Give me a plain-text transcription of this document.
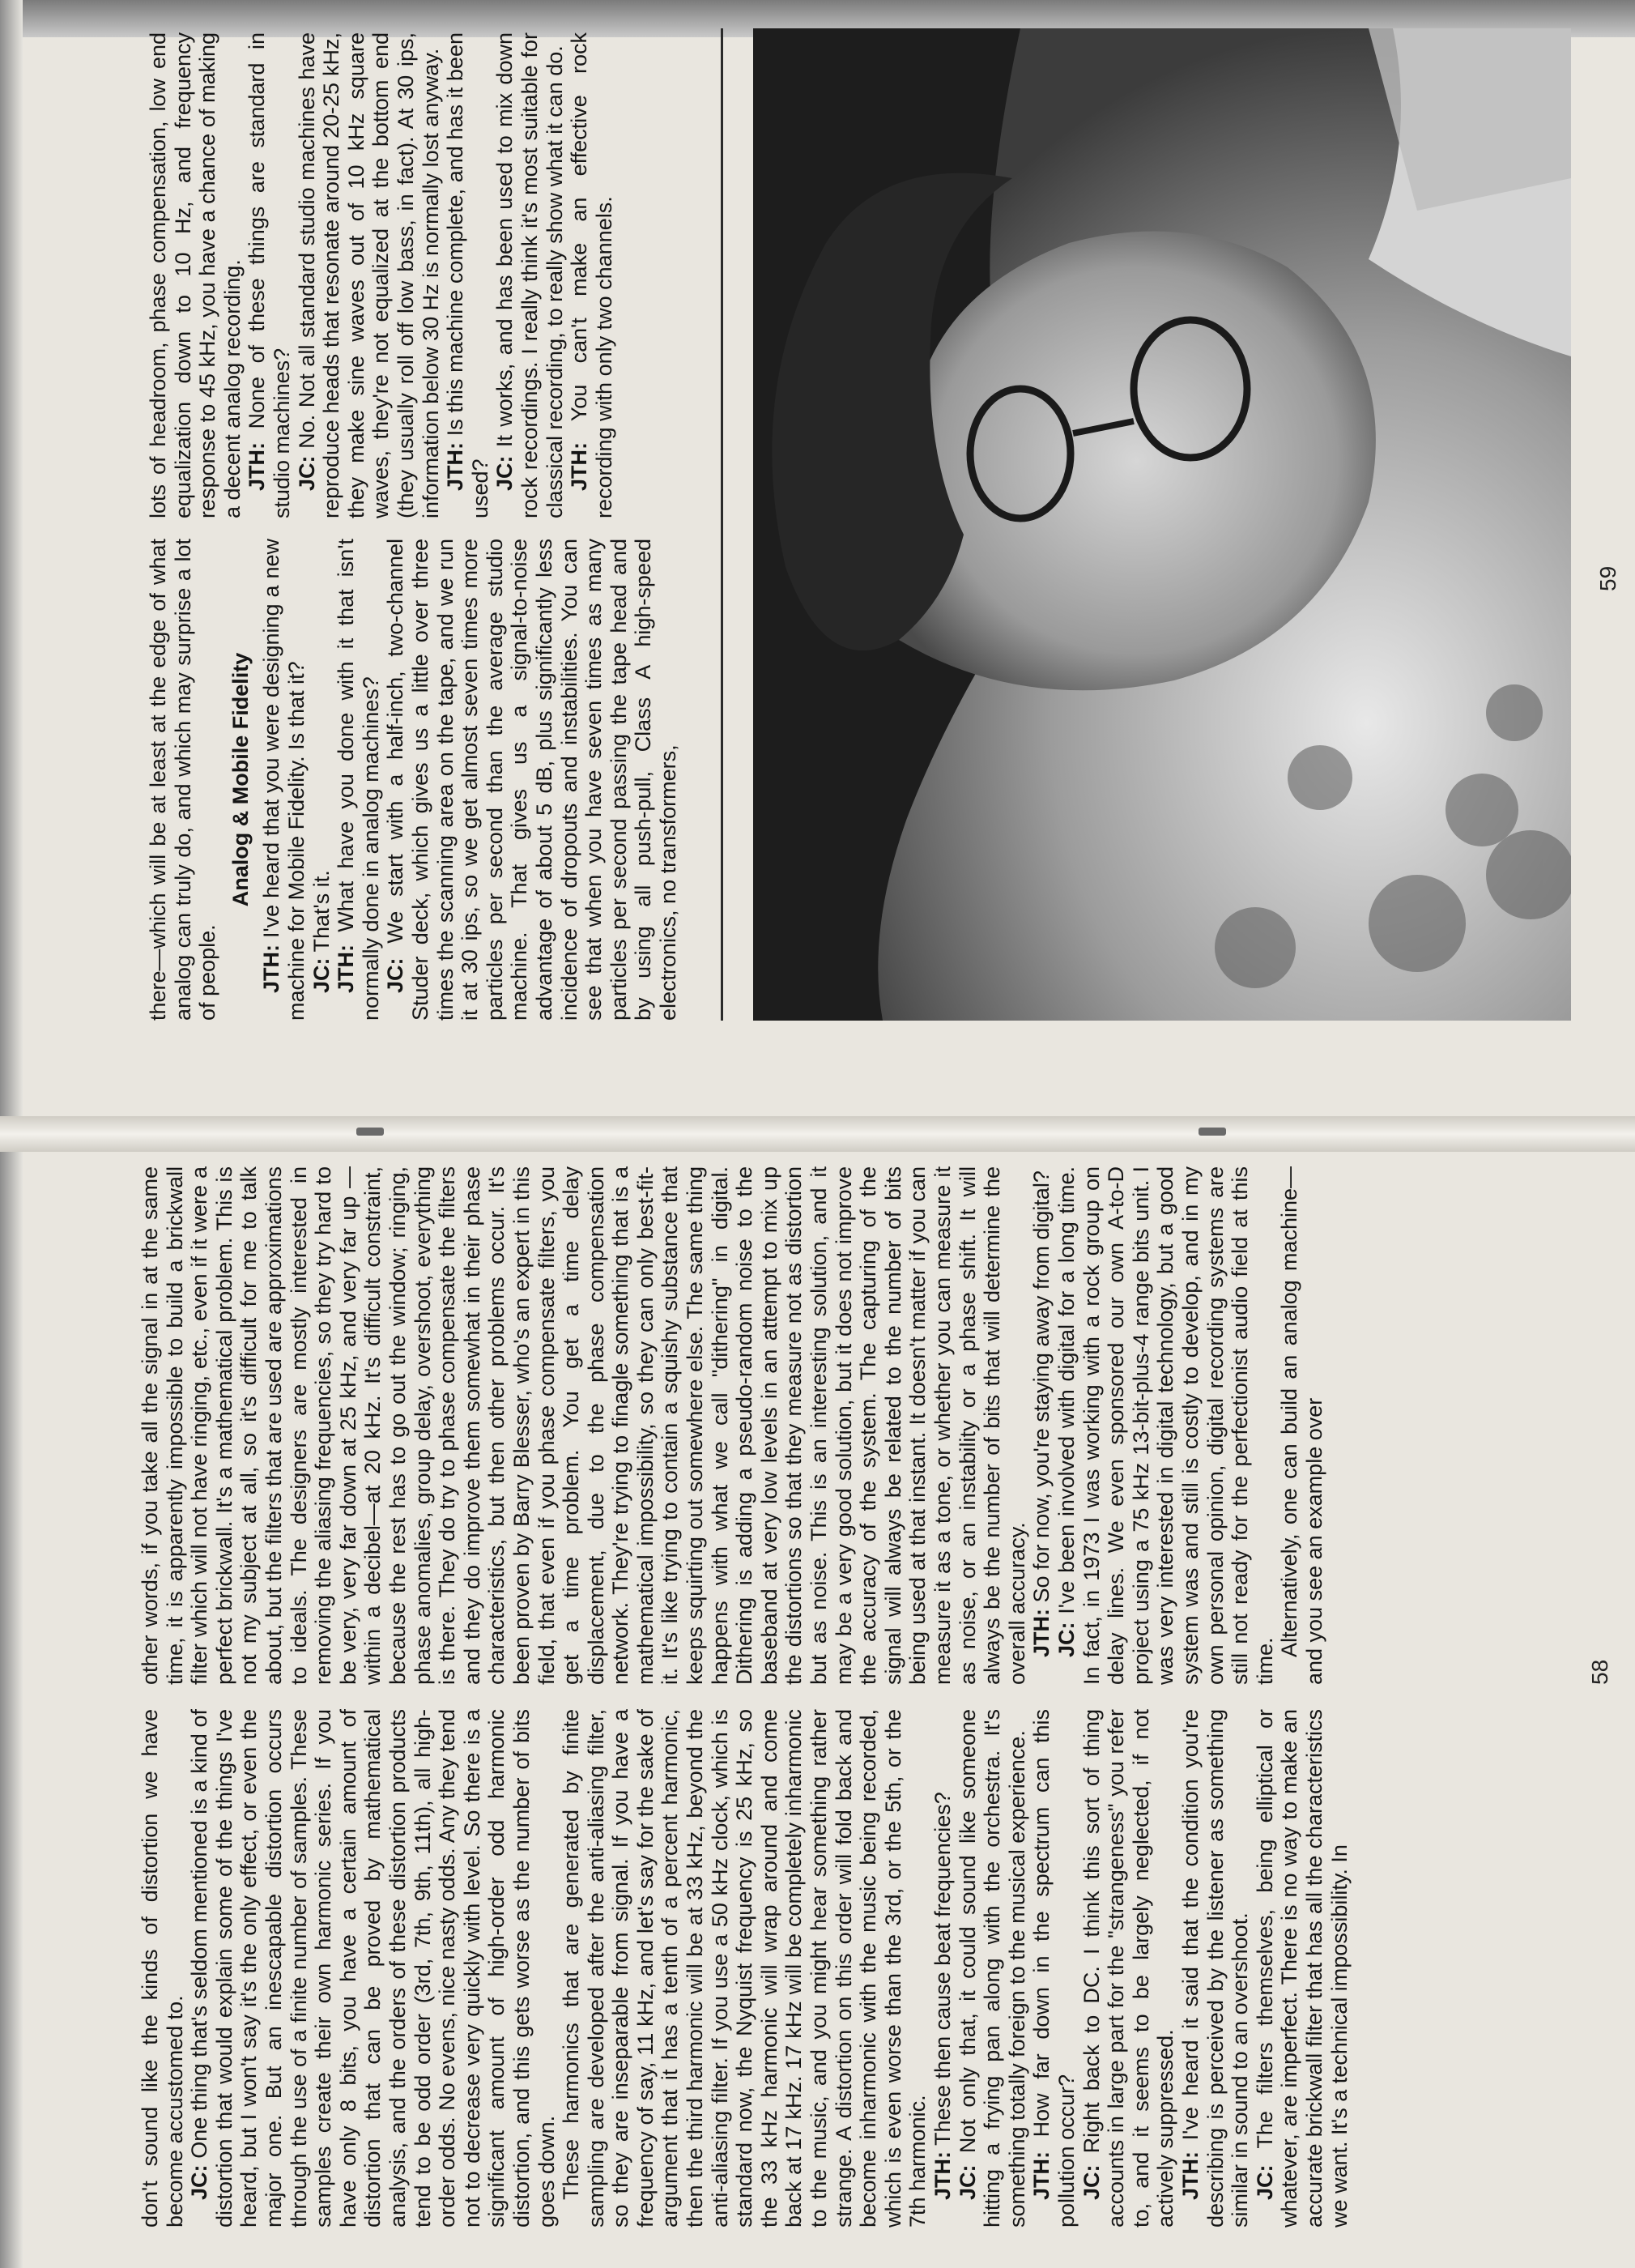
don't sound like the kinds of distortion we have become accustomed to. JC: One thing that's seldom mentioned is a kind of distortion that would explain some of the things I've heard, but I won't say it's the only effect, or even the major one. But an inescapable distortion occurs through the use of a finite number of samples. These samples create their own harmonic series. If you have only 8 bits, you have a certain amount of distortion that can be proved by mathematical analysis, and the orders of these distortion products tend to be odd order (3rd, 7th, 9th, 11th), all high-order odds. No evens, nice nasty odds. Any they tend not to decrease very quickly with level. So there is a significant amount of high-order odd harmonic distortion, and this gets worse as the number of bits goes down. These harmonics that are generated by finite sampling are developed after the anti-aliasing filter, so they are inseparable from signal. If you have a frequency of say, 11 kHz, and let's say for the sake of argument that it has a tenth of a percent harmonic, then the third harmonic will be at 33 kHz, beyond the anti-aliasing filter. If you use a 50 kHz clock, which is standard now, the Nyquist frequency is 25 kHz, so the 33 kHz harmonic will wrap around and come back at 17 kHz. 17 kHz will be completely inharmonic to the music, and you might hear something rather strange. A distortion on this order will fold back and become inharmonic with the music being recorded, which is even worse than the 3rd, or the 5th, or the 7th harmonic. JTH: These then cause beat frequencies?

JC: Not only that, it could sound like someone hitting a frying pan along with the orchestra. It's something totally foreign to the musical experience. JTH: How far down in the spectrum can this pollution occur? JC: Right back to DC. I think this sort of thing accounts in large part for the "strangeness" you refer to, and it seems to be largely neglected, if not actively suppressed. JTH: I've heard it said that the condition you're describing is perceived by the listener as something similar in sound to an overshoot. JC: The filters themselves, being elliptical or whatever, are imperfect. There is no way to make an accurate brickwall filter that has all the characteristics we want. It's a technical impossibility. In

other words, if you take all the signal in at the same time, it is apparently impossible to build a brickwall filter which will not have ringing, etc., even if it were a perfect brickwall. It's a mathematical problem. This is not my subject at all, so it's difficult for me to talk about, but the filters that are used are approximations to ideals. The designers are mostly interested in removing the aliasing frequencies, so they try hard to be very, very far down at 25 kHz, and very far up —within a decibel—at 20 kHz. It's difficult constraint, because the rest has to go out the window; ringing, phase anomalies, group delay, overshoot, everything is there. They do try to phase compensate the filters and they do improve them somewhat in their phase characteristics, but then other problems occur. It's been proven by Barry Blesser, who's an expert in this field, that even if you phase compensate filters, you get a time problem. You get a time delay displacement, due to the phase compensation network. They're trying to finagle something that is a mathematical impossibility, so they can only best-fit-it. It's like trying to contain a squishy substance that keeps squirting out somewhere else. The same thing happens with what we call "dithering" in digital. Dithering is adding a pseudo-random noise to the baseband at very low levels in an attempt to mix up the distortions so that they measure not as distortion but as noise. This is an interesting solution, and it may be a very good solution, but it does not improve the accuracy of the system. The capturing of the signal will always be related to the number of bits being used at that instant. It doesn't matter if you can measure it as a tone, or whether you can measure it as noise, or an instability or a phase shift. It will always be the number of bits that will determine the overall accuracy. JTH: So for now, you're staying away from digital?

JC: I've been involved with digital for a long time. In fact, in 1973 I was working with a rock group on delay lines. We even sponsored our own A-to-D project using a 75 kHz 13-bit-plus-4 range bits unit. I was very interested in digital technology, but a good system was and still is costly to develop, and in my own personal opinion, digital recording systems are still not ready for the perfectionist audio field at this time.

Alternatively, one can build an analog machine—and you see an example over	58

there—which will be at least at the edge of what analog can truly do, and which may surprise a lot of people.

Analog & Mobile Fidelity

JTH: I've heard that you were designing a new machine for Mobile Fidelity. Is that it? JC: That's it.

JTH: What have you done with it that isn't normally done in analog machines? JC: We start with a half-inch, two-channel Studer deck, which gives us a little over three times the scanning area on the tape, and we run it at 30 ips, so we get almost seven times more particles per second than the average studio machine. That gives us a signal-to-noise advantage of about 5 dB, plus significantly less incidence of dropouts and instabilities. You can see that when you have seven times as many particles per second passing the tape head and by using all push-pull, Class A high-speed electronics, no transformers,

lots of headroom, phase compensation, low end equalization down to 10 Hz, and frequency response to 45 kHz, you have a chance of making a decent analog recording. JTH: None of these things are standard in studio machines? JC: No. Not all standard studio machines have reproduce heads that resonate around 20-25 kHz, they make sine waves out of 10 kHz square waves, they're not equalized at the bottom end (they usually roll off low bass, in fact). At 30 ips, information below 30 Hz is normally lost anyway. JTH: Is this machine complete, and has it been used? JC: It works, and has been used to mix down rock recordings. I really think it's most suitable for classical recording, to really show what it can do. JTH: You can't make an effective rock recording with only two channels.

59
